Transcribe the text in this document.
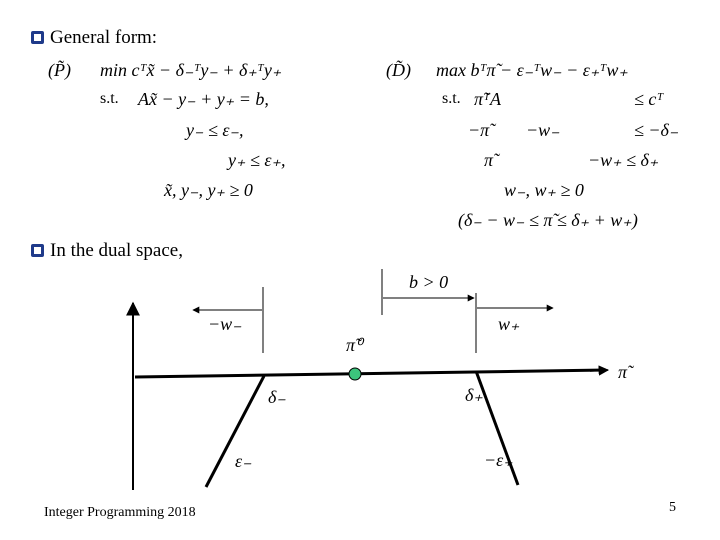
General form:
(P̃) min cᵀx̃ − δ₋ᵀy₋ + δ₊ᵀy₊
s.t. Ax̃ − y₋ + y₊ = b,
y₋ ≤ ε₋,
y₊ ≤ ε₊,
x̃, y₋, y₊ ≥ 0
(D̃) max bᵀπ̃ − ε₋ᵀw₋ − ε₊ᵀw₊
s.t. π̃ᵀA	≤ cᵀ
−π̃ −w₋	≤ −δ₋
π̃	−w₊ ≤ δ₊
w₋, w₊ ≥ 0
(δ₋ − w₋ ≤ π̃ ≤ δ₊ + w₊)
In the dual space,
b > 0
−w₋	w₊
π̃⁰
π̃
δ₋	δ₊
ε₋	−ε₊
Integer Programming 2018	5
